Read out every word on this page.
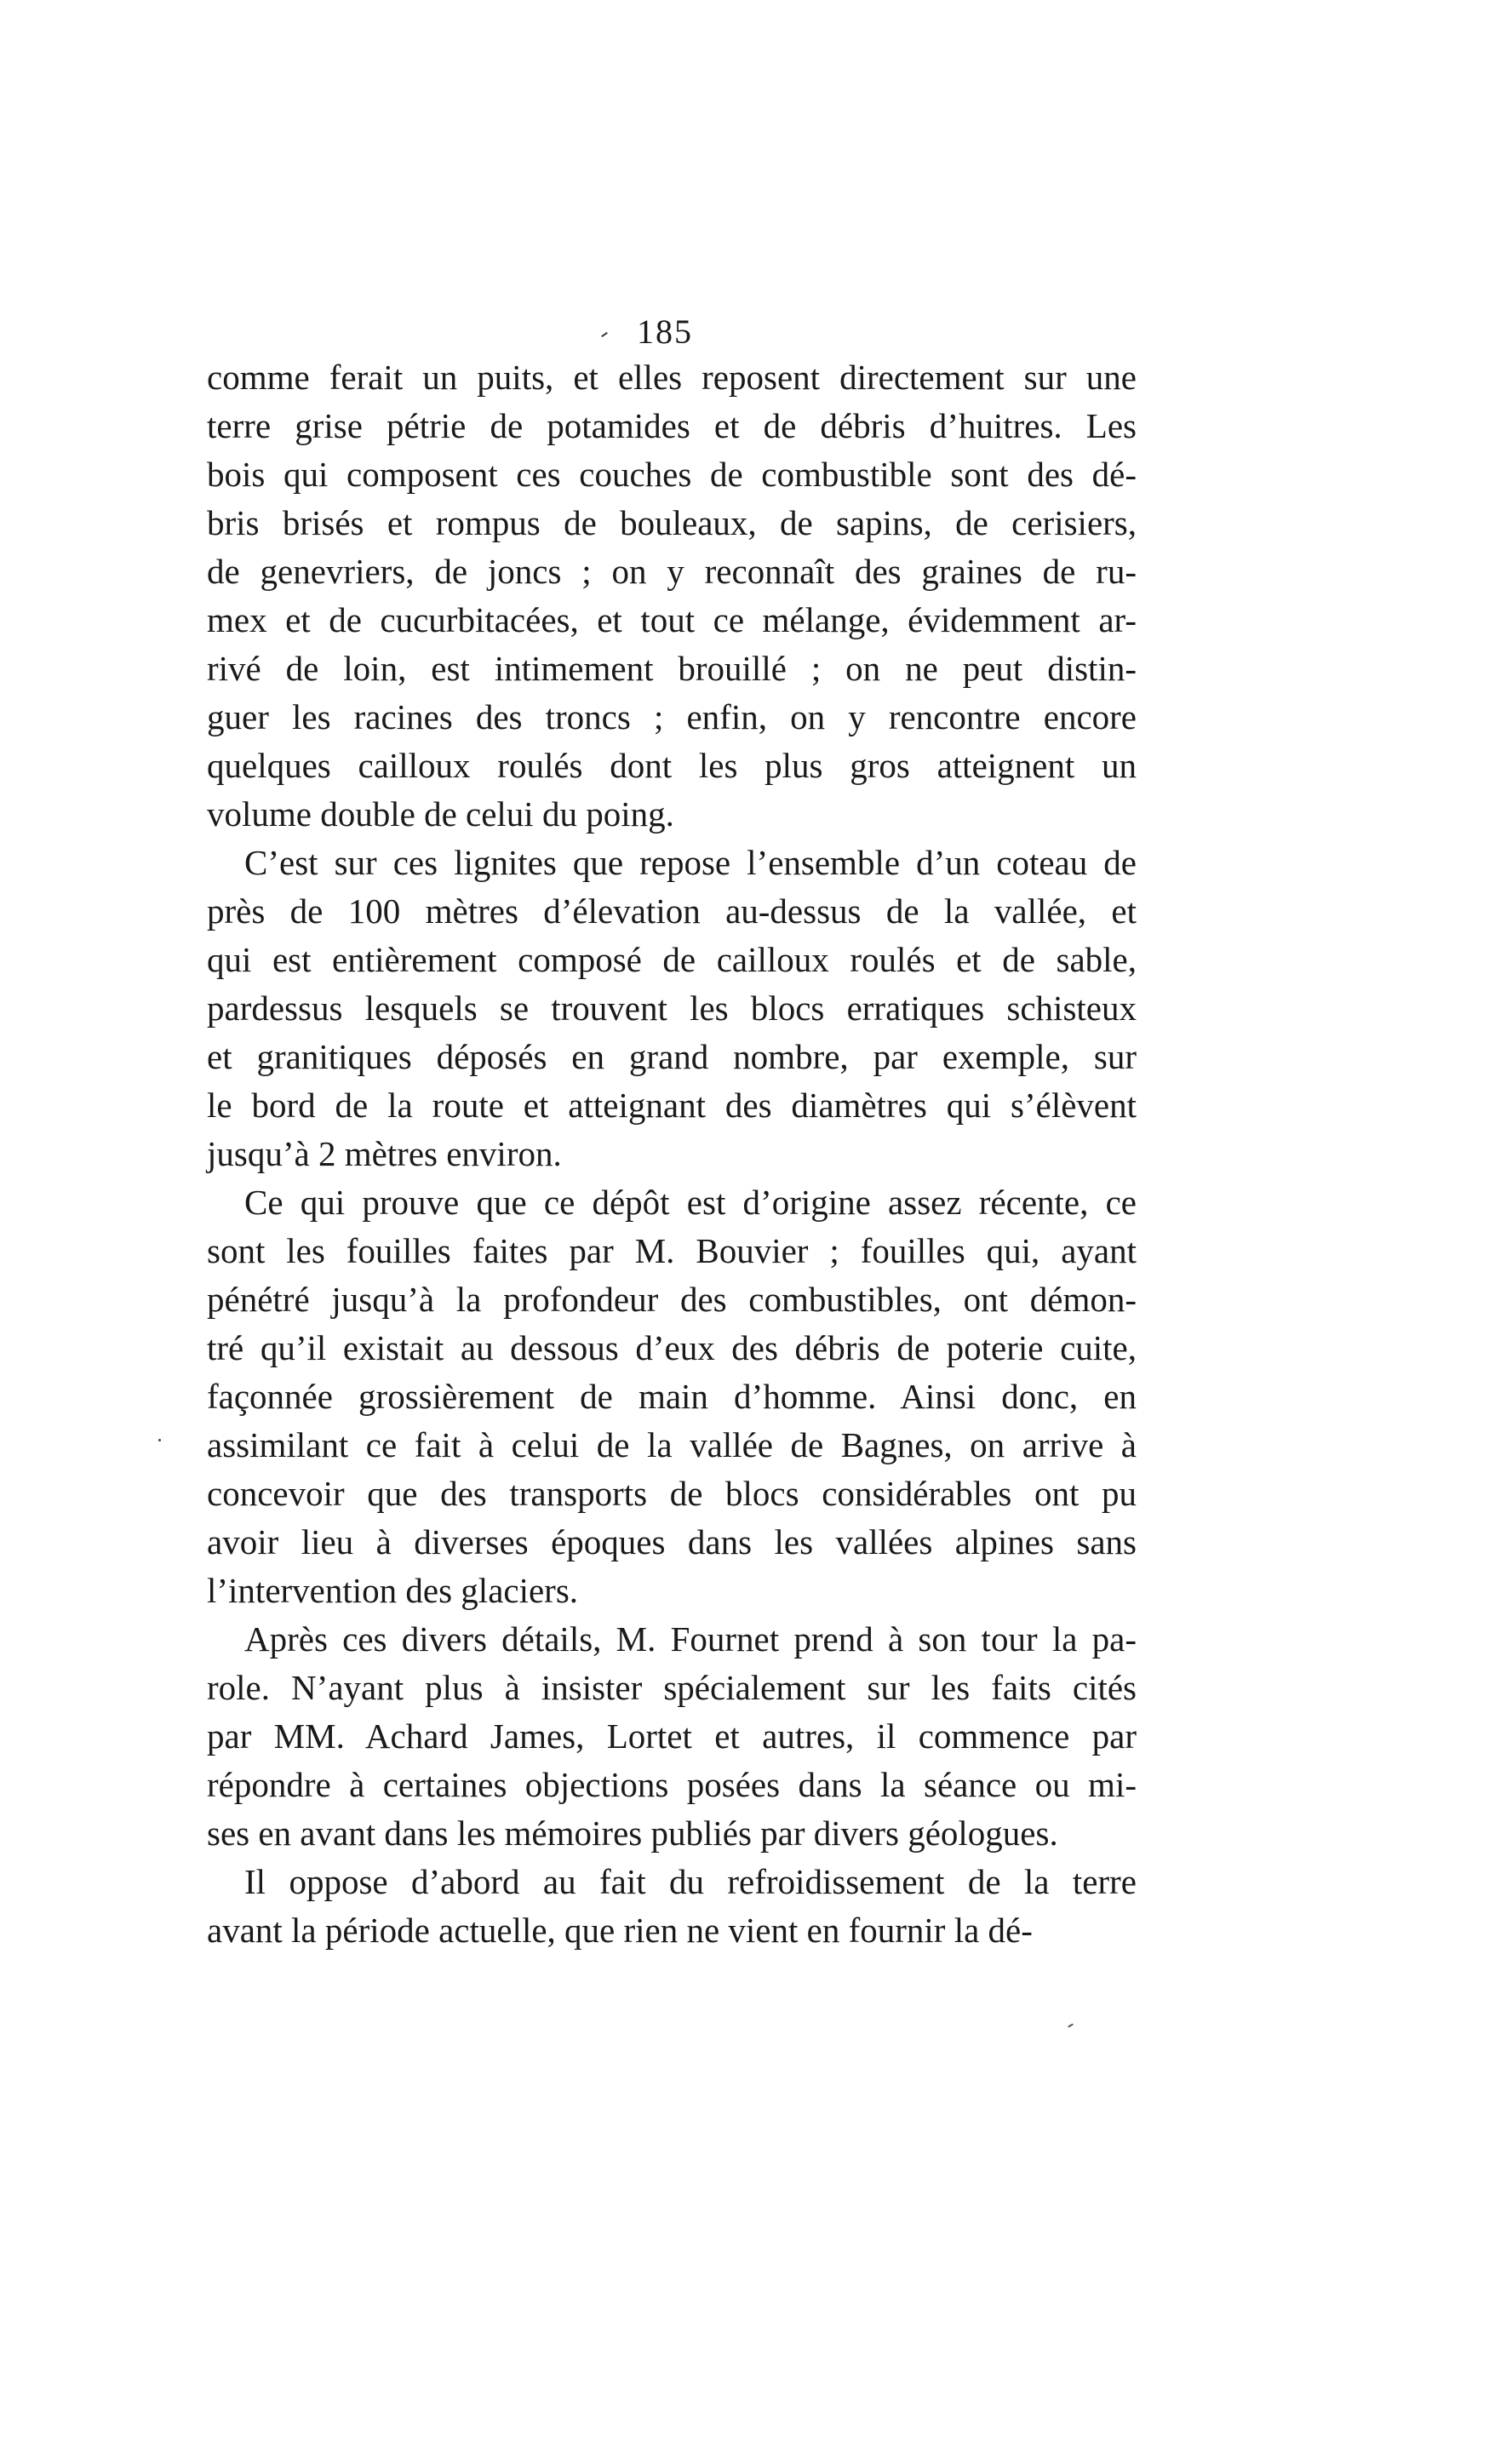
185
comme ferait un puits, et elles reposent directement sur une
terre grise pétrie de potamides et de débris d’huitres. Les
bois qui composent ces couches de combustible sont des dé-
bris brisés et rompus de bouleaux, de sapins, de cerisiers,
de genevriers, de joncs ; on y reconnaît des graines de ru-
mex et de cucurbitacées, et tout ce mélange, évidemment ar-
rivé de loin, est intimement brouillé ; on ne peut distin-
guer les racines des troncs ; enfin, on y rencontre encore
quelques cailloux roulés dont les plus gros atteignent un
volume double de celui du poing.
C’est sur ces lignites que repose l’ensemble d’un coteau de
près de 100 mètres d’élevation au-dessus de la vallée, et
qui est entièrement composé de cailloux roulés et de sable,
pardessus lesquels se trouvent les blocs erratiques schisteux
et granitiques déposés en grand nombre, par exemple, sur
le bord de la route et atteignant des diamètres qui s’élèvent
jusqu’à 2 mètres environ.
Ce qui prouve que ce dépôt est d’origine assez récente, ce
sont les fouilles faites par M. Bouvier ; fouilles qui, ayant
pénétré jusqu’à la profondeur des combustibles, ont démon-
tré qu’il existait au dessous d’eux des débris de poterie cuite,
façonnée grossièrement de main d’homme. Ainsi donc, en
assimilant ce fait à celui de la vallée de Bagnes, on arrive à
concevoir que des transports de blocs considérables ont pu
avoir lieu à diverses époques dans les vallées alpines sans
l’intervention des glaciers.
Après ces divers détails, M. Fournet prend à son tour la pa-
role. N’ayant plus à insister spécialement sur les faits cités
par MM. Achard James, Lortet et autres, il commence par
répondre à certaines objections posées dans la séance ou mi-
ses en avant dans les mémoires publiés par divers géologues.
Il oppose d’abord au fait du refroidissement de la terre
avant la période actuelle, que rien ne vient en fournir la dé-
